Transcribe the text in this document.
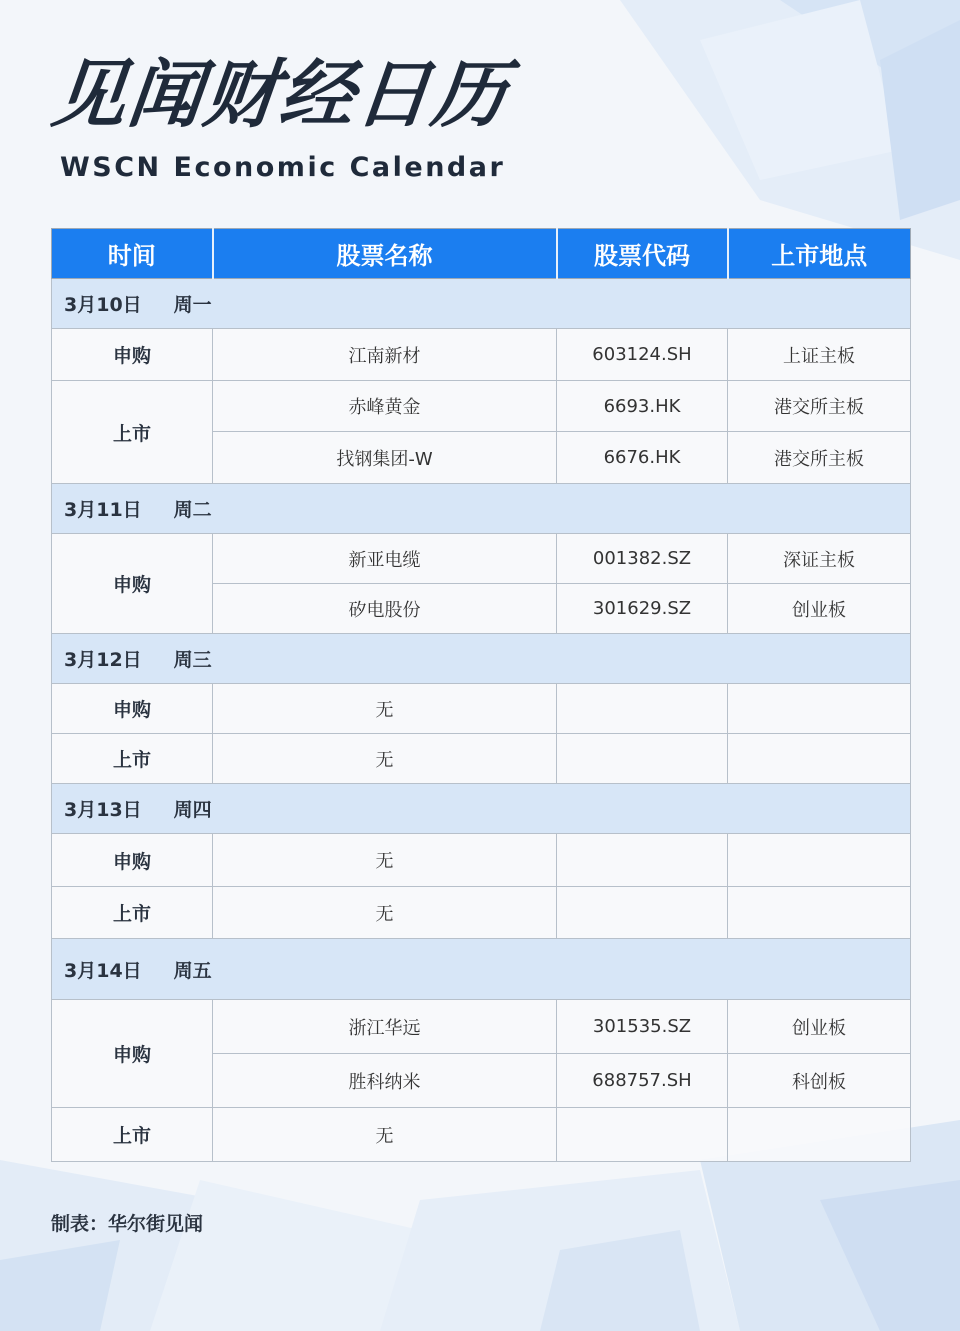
见闻财经日历
WSCN Economic Calendar
时间	股票名称	股票代码	上市地点
3月10日 周一			
申购	江南新材	603124.SH	上证主板
上市	赤峰黄金	6693.HK	港交所主板
	找钢集团-W	6676.HK	港交所主板
3月11日 周二			
申购	新亚电缆	001382.SZ	深证主板
	矽电股份	301629.SZ	创业板
3月12日 周三			
申购	无		
上市	无		
3月13日 周四			
申购	无		
上市	无		
3月14日 周五			
申购	浙江华远	301535.SZ	创业板
	胜科纳米	688757.SH	科创板
上市	无		
制表：华尔街见闻
